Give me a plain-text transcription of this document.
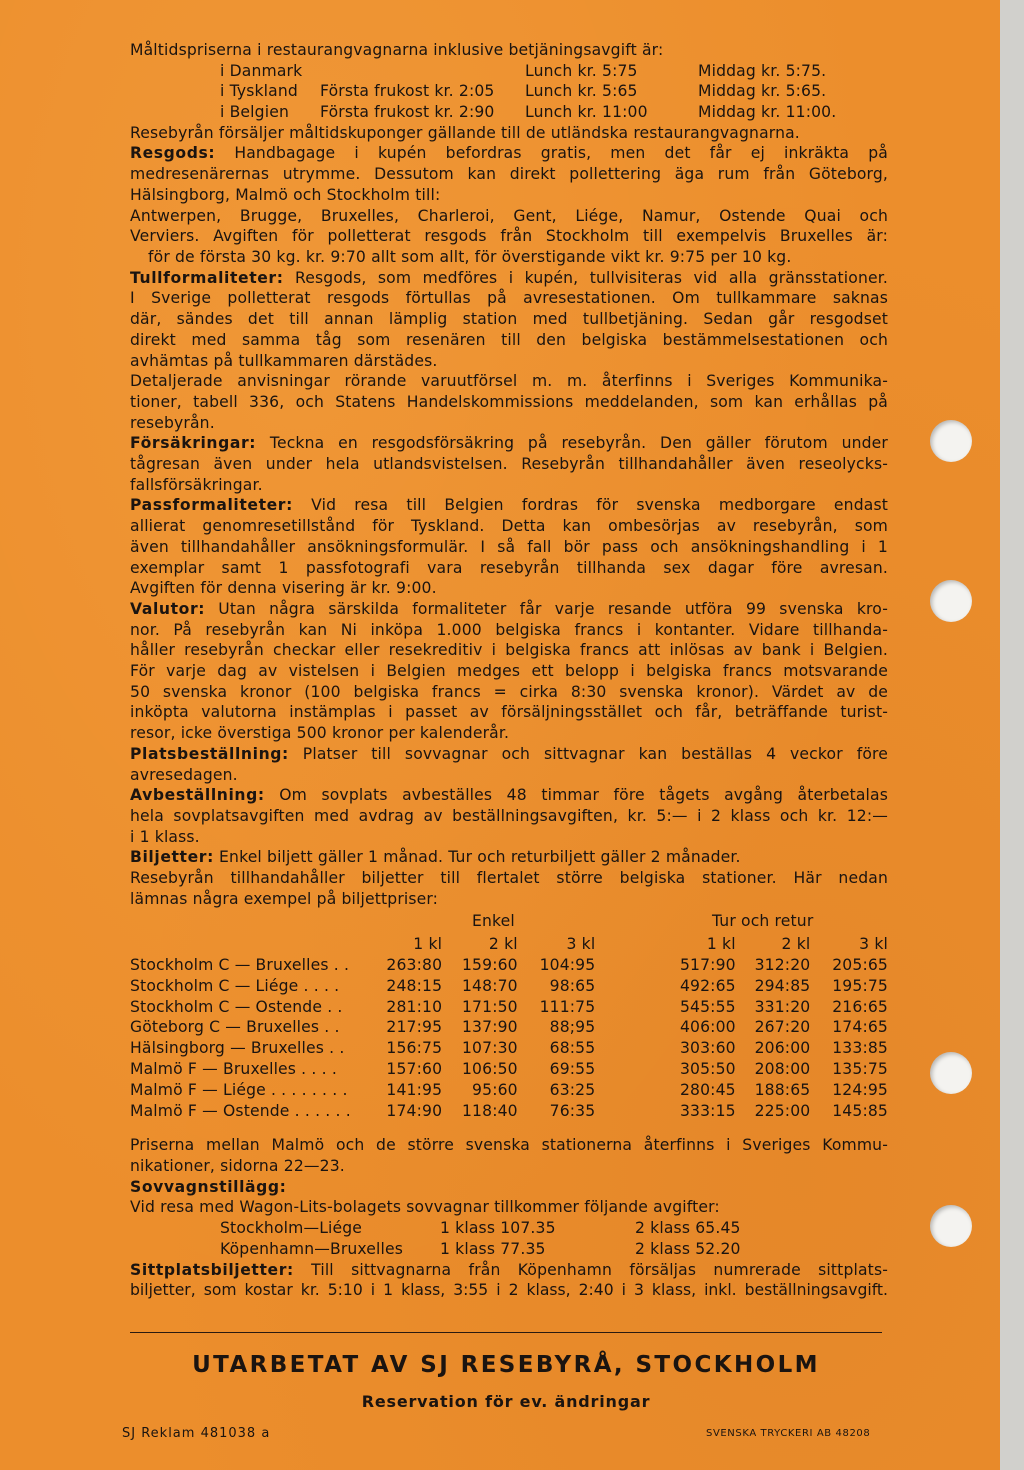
Måltidspriserna i restaurangvagnarna inklusive betjäningsavgift är:
i Danmark	Lunch kr. 5:75	Middag kr. 5:75.
i Tyskland Första frukost kr. 2:05 Lunch kr. 5:65	Middag kr. 5:65.
i Belgien Första frukost kr. 2:90 Lunch kr. 11:00	Middag kr. 11:00.
Resebyrån försäljer måltidskuponger gällande till de utländska restaurangvagnarna.
Resgods: Handbagage i kupén befordras gratis, men det får ej inkräkta på
medresenärernas utrymme. Dessutom kan direkt pollettering äga rum från Göteborg,
Hälsingborg, Malmö och Stockholm till:
Antwerpen, Brugge, Bruxelles, Charleroi, Gent, Liége, Namur, Ostende Quai och
Verviers. Avgiften för polletterat resgods från Stockholm till exempelvis Bruxelles är:
för de första 30 kg. kr. 9:70 allt som allt, för överstigande vikt kr. 9:75 per 10 kg.
Tullformaliteter: Resgods, som medföres i kupén, tullvisiteras vid alla gränsstationer.
I Sverige polletterat resgods förtullas på avresestationen. Om tullkammare saknas
där, sändes det till annan lämplig station med tullbetjäning. Sedan går resgodset
direkt med samma tåg som resenären till den belgiska bestämmelsestationen och
avhämtas på tullkammaren därstädes.
Detaljerade anvisningar rörande varuutförsel m. m. återfinns i Sveriges Kommunika-
tioner, tabell 336, och Statens Handelskommissions meddelanden, som kan erhållas på
resebyrån.
Försäkringar: Teckna en resgodsförsäkring på resebyrån. Den gäller förutom under
tågresan även under hela utlandsvistelsen. Resebyrån tillhandahåller även reseolycks-
fallsförsäkringar.
Passformaliteter: Vid resa till Belgien fordras för svenska medborgare endast
allierat genomresetillstånd för Tyskland. Detta kan ombesörjas av resebyrån, som
även tillhandahåller ansökningsformulär. I så fall bör pass och ansökningshandling i 1
exemplar samt 1 passfotografi vara resebyrån tillhanda sex dagar före avresan.
Avgiften för denna visering är kr. 9:00.
Valutor: Utan några särskilda formaliteter får varje resande utföra 99 svenska kro-
nor. På resebyrån kan Ni inköpa 1.000 belgiska francs i kontanter. Vidare tillhanda-
håller resebyrån checkar eller resekreditiv i belgiska francs att inlösas av bank i Belgien.
För varje dag av vistelsen i Belgien medges ett belopp i belgiska francs motsvarande
50 svenska kronor (100 belgiska francs = cirka 8:30 svenska kronor). Värdet av de
inköpta valutorna instämplas i passet av försäljningsstället och får, beträffande turist-
resor, icke överstiga 500 kronor per kalenderår.
Platsbeställning: Platser till sovvagnar och sittvagnar kan beställas 4 veckor före
avresedagen.
Avbeställning: Om sovplats avbeställes 48 timmar före tågets avgång återbetalas
hela sovplatsavgiften med avdrag av beställningsavgiften, kr. 5:— i 2 klass och kr. 12:—
i 1 klass.
Biljetter: Enkel biljett gäller 1 månad. Tur och returbiljett gäller 2 månader.
Resebyrån tillhandahåller biljetter till flertalet större belgiska stationer. Här nedan
lämnas några exempel på biljettpriser:
Enkel	Tur och retur
	1 kl	2 kl	3 kl	1 kl	2 kl	3 kl
Stockholm C — Bruxelles . .	263:80	159:60	104:95	517:90	312:20	205:65
Stockholm C — Liége . . . .	248:15	148:70	98:65	492:65	294:85	195:75
Stockholm C — Ostende . .	281:10	171:50	111:75	545:55	331:20	216:65
Göteborg C — Bruxelles . .	217:95	137:90	88;95	406:00	267:20	174:65
Hälsingborg — Bruxelles . .	156:75	107:30	68:55	303:60	206:00	133:85
Malmö F — Bruxelles . . . .	157:60	106:50	69:55	305:50	208:00	135:75
Malmö F — Liége . . . . . . . .	141:95	95:60	63:25	280:45	188:65	124:95
Malmö F — Ostende . . . . . .	174:90	118:40	76:35	333:15	225:00	145:85
Priserna mellan Malmö och de större svenska stationerna återfinns i Sveriges Kommu-
nikationer, sidorna 22—23.
Sovvagnstillägg:
Vid resa med Wagon-Lits-bolagets sovvagnar tillkommer följande avgifter:
Stockholm—Liége	1 klass 107.35	2 klass 65.45
Köpenhamn—Bruxelles 1 klass 77.35	2 klass 52.20
Sittplatsbiljetter: Till sittvagnarna från Köpenhamn försäljas numrerade sittplats-
biljetter, som kostar kr. 5:10 i 1 klass, 3:55 i 2 klass, 2:40 i 3 klass, inkl. beställningsavgift.
UTARBETAT AV SJ RESEBYRÅ, STOCKHOLM
Reservation för ev. ändringar
SJ Reklam 481038 a	SVENSKA TRYCKERI AB 48208
